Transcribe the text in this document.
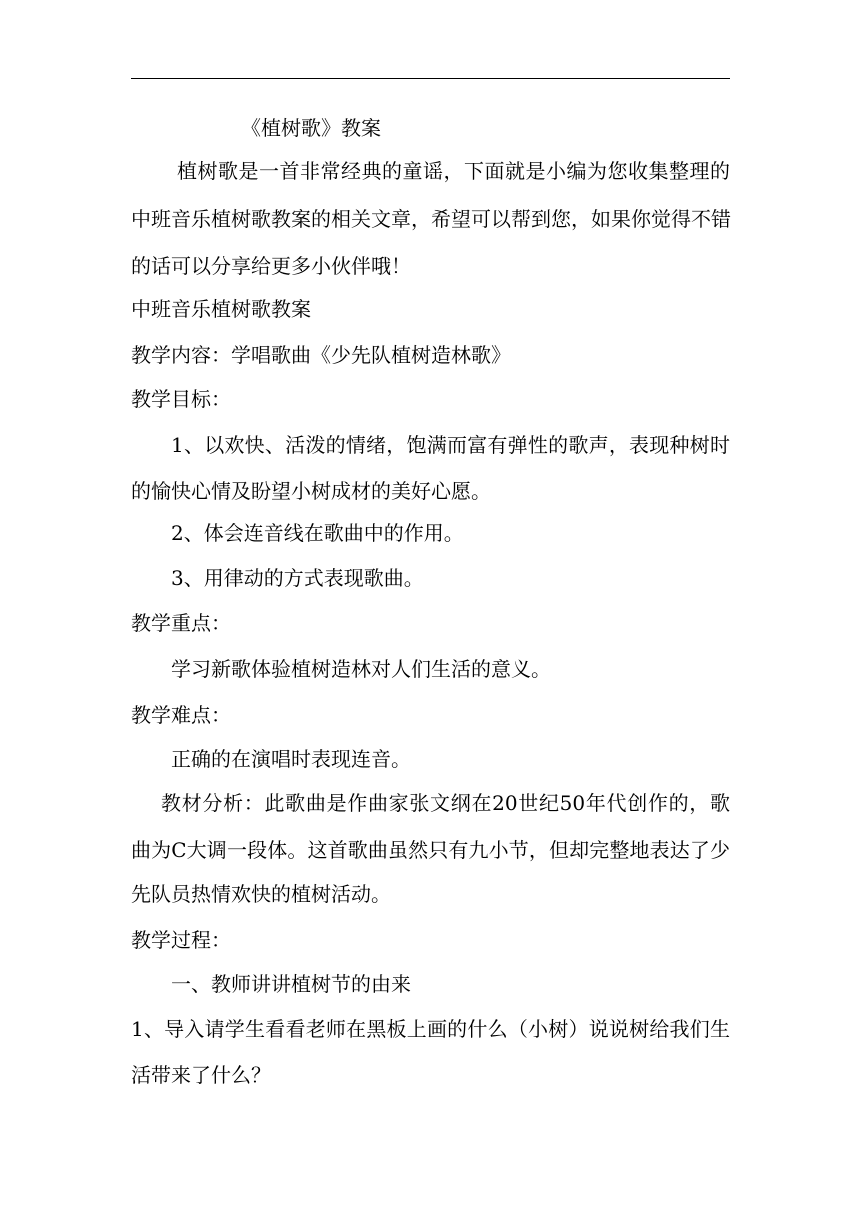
《植树歌》教案
植树歌是一首非常经典的童谣，下面就是小编为您收集整理的
中班音乐植树歌教案的相关文章，希望可以帮到您，如果你觉得不错
的话可以分享给更多小伙伴哦！
中班音乐植树歌教案
教学内容：学唱歌曲《少先队植树造林歌》
教学目标：
1、以欢快、活泼的情绪，饱满而富有弹性的歌声，表现种树时
的愉快心情及盼望小树成材的美好心愿。
2、体会连音线在歌曲中的作用。
3、用律动的方式表现歌曲。
教学重点：
学习新歌体验植树造林对人们生活的意义。
教学难点：
正确的在演唱时表现连音。
教材分析：此歌曲是作曲家张文纲在20世纪50年代创作的，歌
曲为C大调一段体。这首歌曲虽然只有九小节，但却完整地表达了少
先队员热情欢快的植树活动。
教学过程：
一、教师讲讲植树节的由来
1、导入请学生看看老师在黑板上画的什么（小树）说说树给我们生
活带来了什么？
